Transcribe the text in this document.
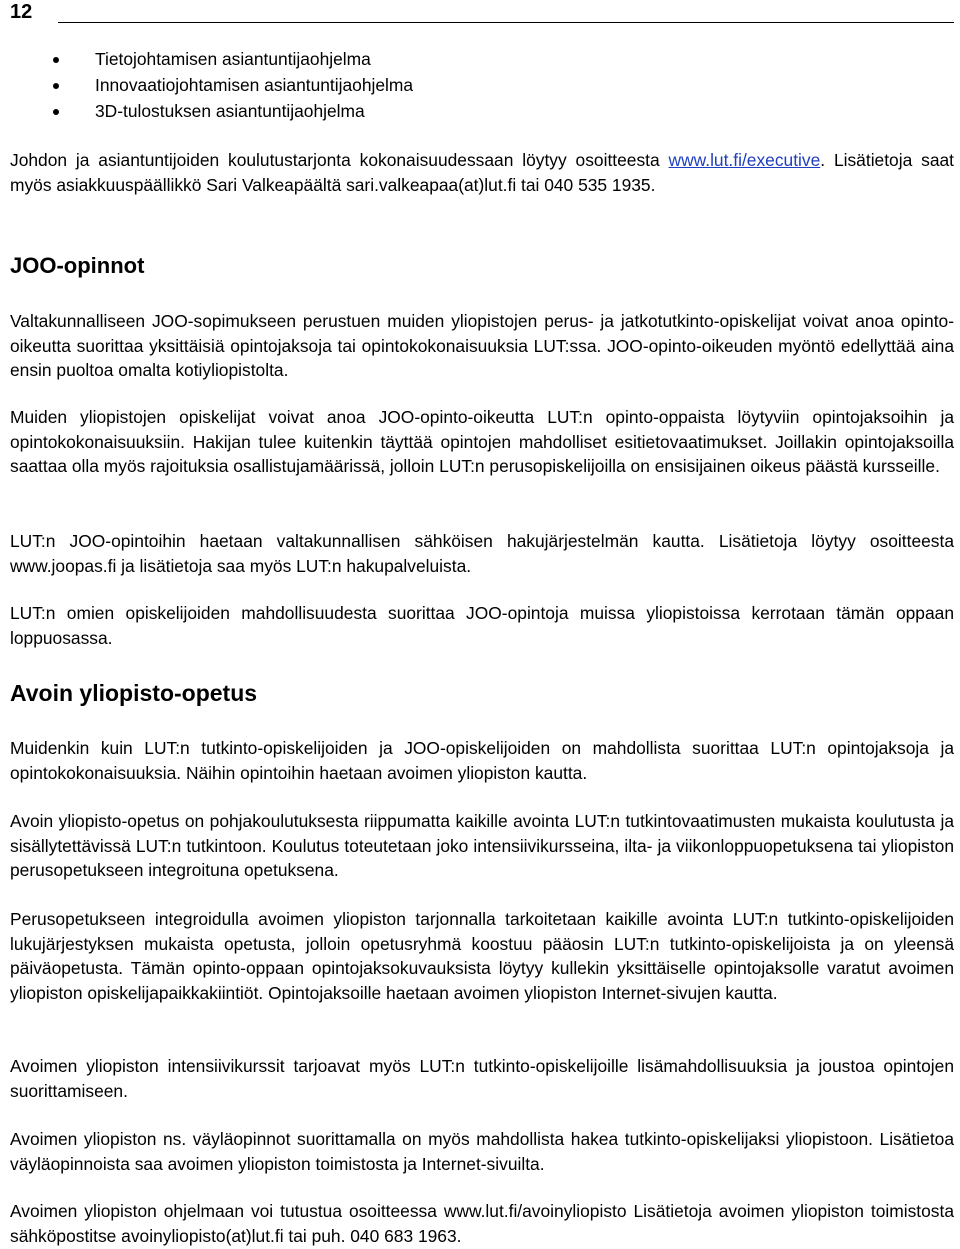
12
Tietojohtamisen asiantuntijaohjelma
Innovaatiojohtamisen asiantuntijaohjelma
3D-tulostuksen asiantuntijaohjelma

Johdon ja asiantuntijoiden koulutustarjonta kokonaisuudessaan löytyy osoitteesta www.lut.fi/executive. Lisätietoja saat myös asiakkuuspäällikkö Sari Valkeapäältä sari.valkeapaa(at)lut.fi tai 040 535 1935.

JOO-opinnot

Valtakunnalliseen JOO-sopimukseen perustuen muiden yliopistojen perus- ja jatkotutkinto-opiskelijat voivat anoa opinto-oikeutta suorittaa yksittäisiä opintojaksoja tai opintokokonaisuuksia LUT:ssa. JOO-opinto-oikeuden myöntö edellyttää aina ensin puoltoa omalta kotiyliopistolta.

Muiden yliopistojen opiskelijat voivat anoa JOO-opinto-oikeutta LUT:n opinto-oppaista löytyviin opintojaksoihin ja opintokokonaisuuksiin. Hakijan tulee kuitenkin täyttää opintojen mahdolliset esitietovaatimukset. Joillakin opintojaksoilla saattaa olla myös rajoituksia osallistujamäärissä, jolloin LUT:n perusopiskelijoilla on ensisijainen oikeus päästä kursseille.

LUT:n JOO-opintoihin haetaan valtakunnallisen sähköisen hakujärjestelmän kautta. Lisätietoja löytyy osoitteesta www.joopas.fi ja lisätietoja saa myös LUT:n hakupalveluista.

LUT:n omien opiskelijoiden mahdollisuudesta suorittaa JOO-opintoja muissa yliopistoissa kerrotaan tämän oppaan loppuosassa.

Avoin yliopisto-opetus

Muidenkin kuin LUT:n tutkinto-opiskelijoiden ja JOO-opiskelijoiden on mahdollista suorittaa LUT:n opintojaksoja ja opintokokonaisuuksia. Näihin opintoihin haetaan avoimen yliopiston kautta.

Avoin yliopisto-opetus on pohjakoulutuksesta riippumatta kaikille avointa LUT:n tutkintovaatimusten mukaista koulutusta ja sisällytettävissä LUT:n tutkintoon. Koulutus toteutetaan joko intensiivikursseina, ilta- ja viikonloppuopetuksena tai yliopiston perusopetukseen integroituna opetuksena.

Perusopetukseen integroidulla avoimen yliopiston tarjonnalla tarkoitetaan kaikille avointa LUT:n tutkinto-opiskelijoiden lukujärjestyksen mukaista opetusta, jolloin opetusryhmä koostuu pääosin LUT:n tutkinto-opiskelijoista ja on yleensä päiväopetusta. Tämän opinto-oppaan opintojaksokuvauksista löytyy kullekin yksittäiselle opintojaksolle varatut avoimen yliopiston opiskelijapaikkakiintiöt. Opintojaksoille haetaan avoimen yliopiston Internet-sivujen kautta.

Avoimen yliopiston intensiivikurssit tarjoavat myös LUT:n tutkinto-opiskelijoille lisämahdollisuuksia ja joustoa opintojen suorittamiseen.

Avoimen yliopiston ns. väyläopinnot suorittamalla on myös mahdollista hakea tutkinto-opiskelijaksi yliopistoon. Lisätietoa väyläopinnoista saa avoimen yliopiston toimistosta ja Internet-sivuilta.

Avoimen yliopiston ohjelmaan voi tutustua osoitteessa www.lut.fi/avoinyliopisto Lisätietoja avoimen yliopiston toimistosta sähköpostitse avoinyliopisto(at)lut.fi tai puh. 040 683 1963.
